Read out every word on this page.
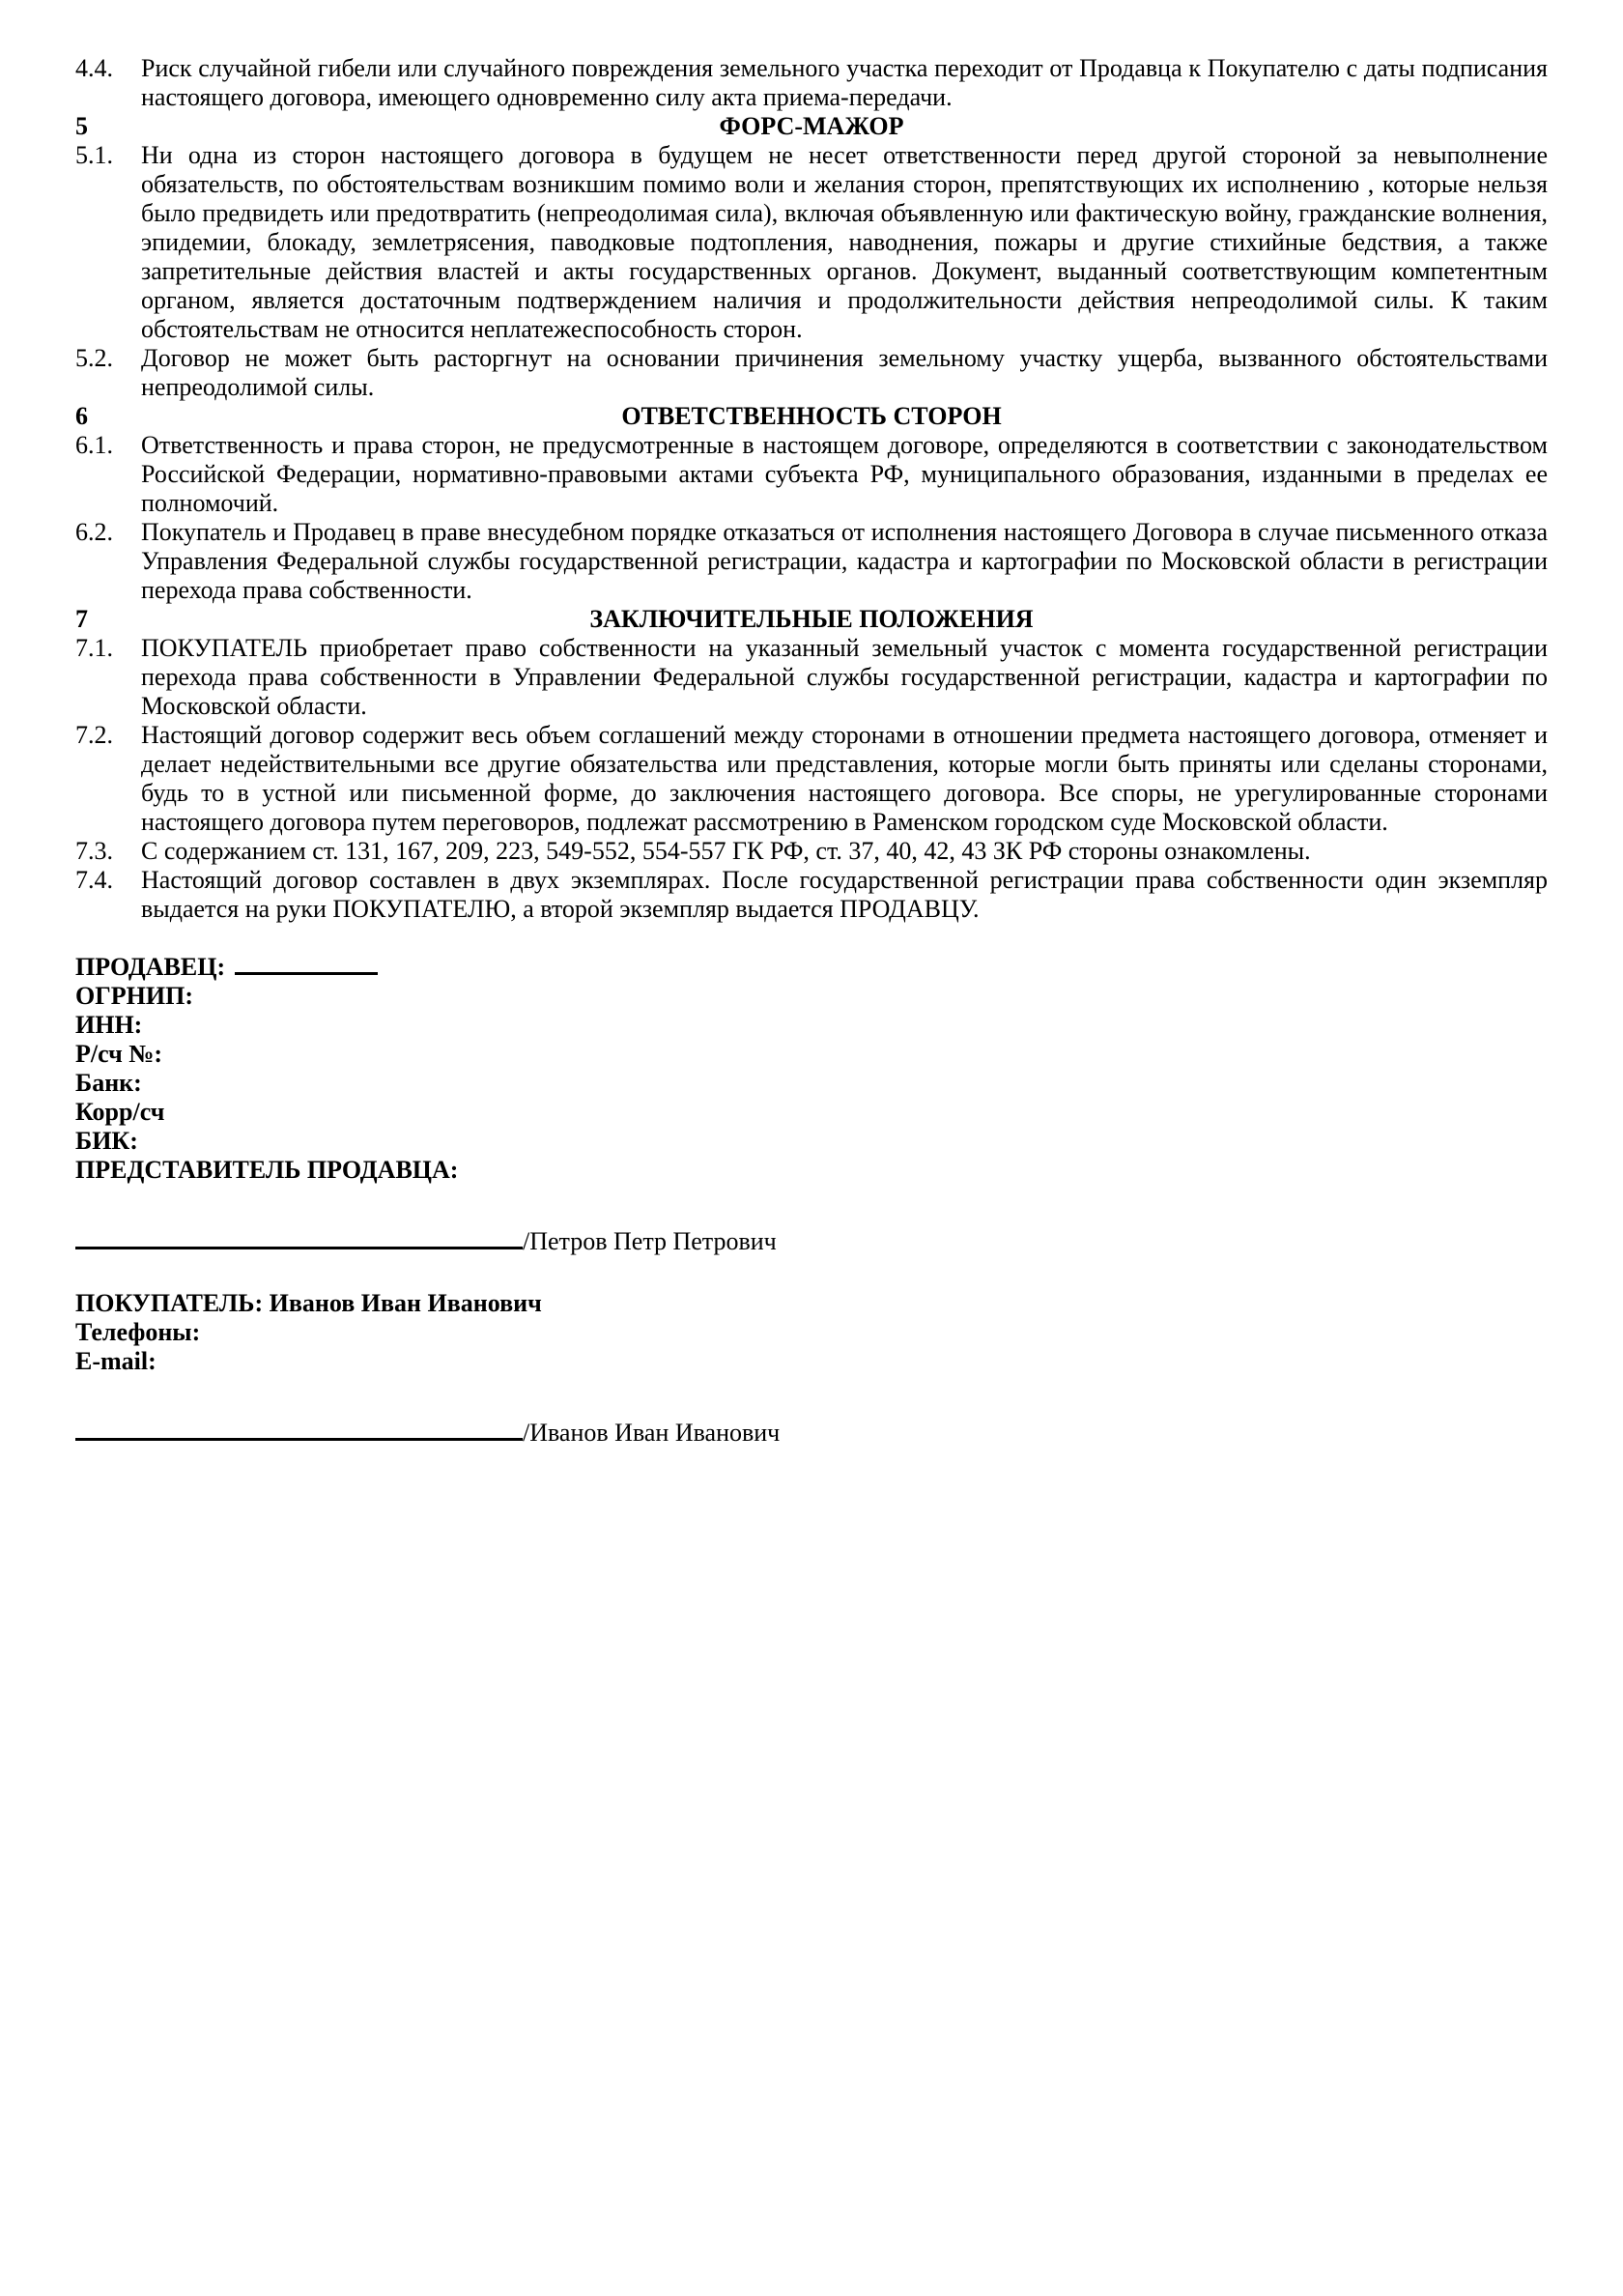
4.4.	Риск случайной гибели или случайного повреждения земельного участка переходит от Продавца к Покупателю с даты подписания настоящего договора, имеющего одновременно силу акта приема-передачи.
5	ФОРС-МАЖОР
5.1.	Ни одна из сторон настоящего договора в будущем не несет ответственности перед другой стороной за невыполнение обязательств, по обстоятельствам возникшим помимо воли и желания сторон, препятствующих их исполнению , которые нельзя было предвидеть или предотвратить (непреодолимая сила), включая объявленную или фактическую войну, гражданские волнения, эпидемии, блокаду, землетрясения, паводковые подтопления, наводнения, пожары и другие стихийные бедствия, а также запретительные действия властей и акты государственных органов. Документ, выданный соответствующим компетентным органом, является достаточным подтверждением наличия и продолжительности действия непреодолимой силы. К таким обстоятельствам не относится неплатежеспособность сторон.
5.2.	Договор не может быть расторгнут на основании причинения земельному участку ущерба, вызванного обстоятельствами непреодолимой силы.
6	ОТВЕТСТВЕННОСТЬ СТОРОН
6.1.	Ответственность и права сторон, не предусмотренные в настоящем договоре, определяются в соответствии с законодательством Российской Федерации, нормативно-правовыми актами субъекта РФ, муниципального образования, изданными в пределах ее полномочий.
6.2.	Покупатель и Продавец в праве внесудебном порядке отказаться от исполнения настоящего Договора в случае письменного отказа Управления Федеральной службы государственной регистрации, кадастра и картографии по Московской области в регистрации перехода права собственности.
7	ЗАКЛЮЧИТЕЛЬНЫЕ ПОЛОЖЕНИЯ
7.1.	ПОКУПАТЕЛЬ приобретает право собственности на указанный земельный участок с момента государственной регистрации перехода права собственности в Управлении Федеральной службы государственной регистрации, кадастра и картографии по Московской области.
7.2.	Настоящий договор содержит весь объем соглашений между сторонами в отношении предмета настоящего договора, отменяет и делает недействительными все другие обязательства или представления, которые могли быть приняты или сделаны сторонами, будь то в устной или письменной форме, до заключения настоящего договора. Все споры, не урегулированные сторонами настоящего договора путем переговоров, подлежат рассмотрению в Раменском городском суде Московской области.
7.3.	С содержанием ст. 131, 167, 209, 223, 549-552, 554-557 ГК РФ, ст. 37, 40, 42, 43 ЗК РФ стороны ознакомлены.
7.4.	Настоящий договор составлен в двух экземплярах. После государственной регистрации права собственности один экземпляр выдается на руки ПОКУПАТЕЛЮ, а второй экземпляр выдается ПРОДАВЦУ.
ПРОДАВЕЦ:
ОГРНИП:
ИНН:
Р/сч №:
Банк:
Корр/сч
БИК:
ПРЕДСТАВИТЕЛЬ ПРОДАВЦА:
/Петров Петр Петрович
ПОКУПАТЕЛЬ: Иванов Иван Иванович
Телефоны:
E-mail:
/Иванов Иван Иванович
